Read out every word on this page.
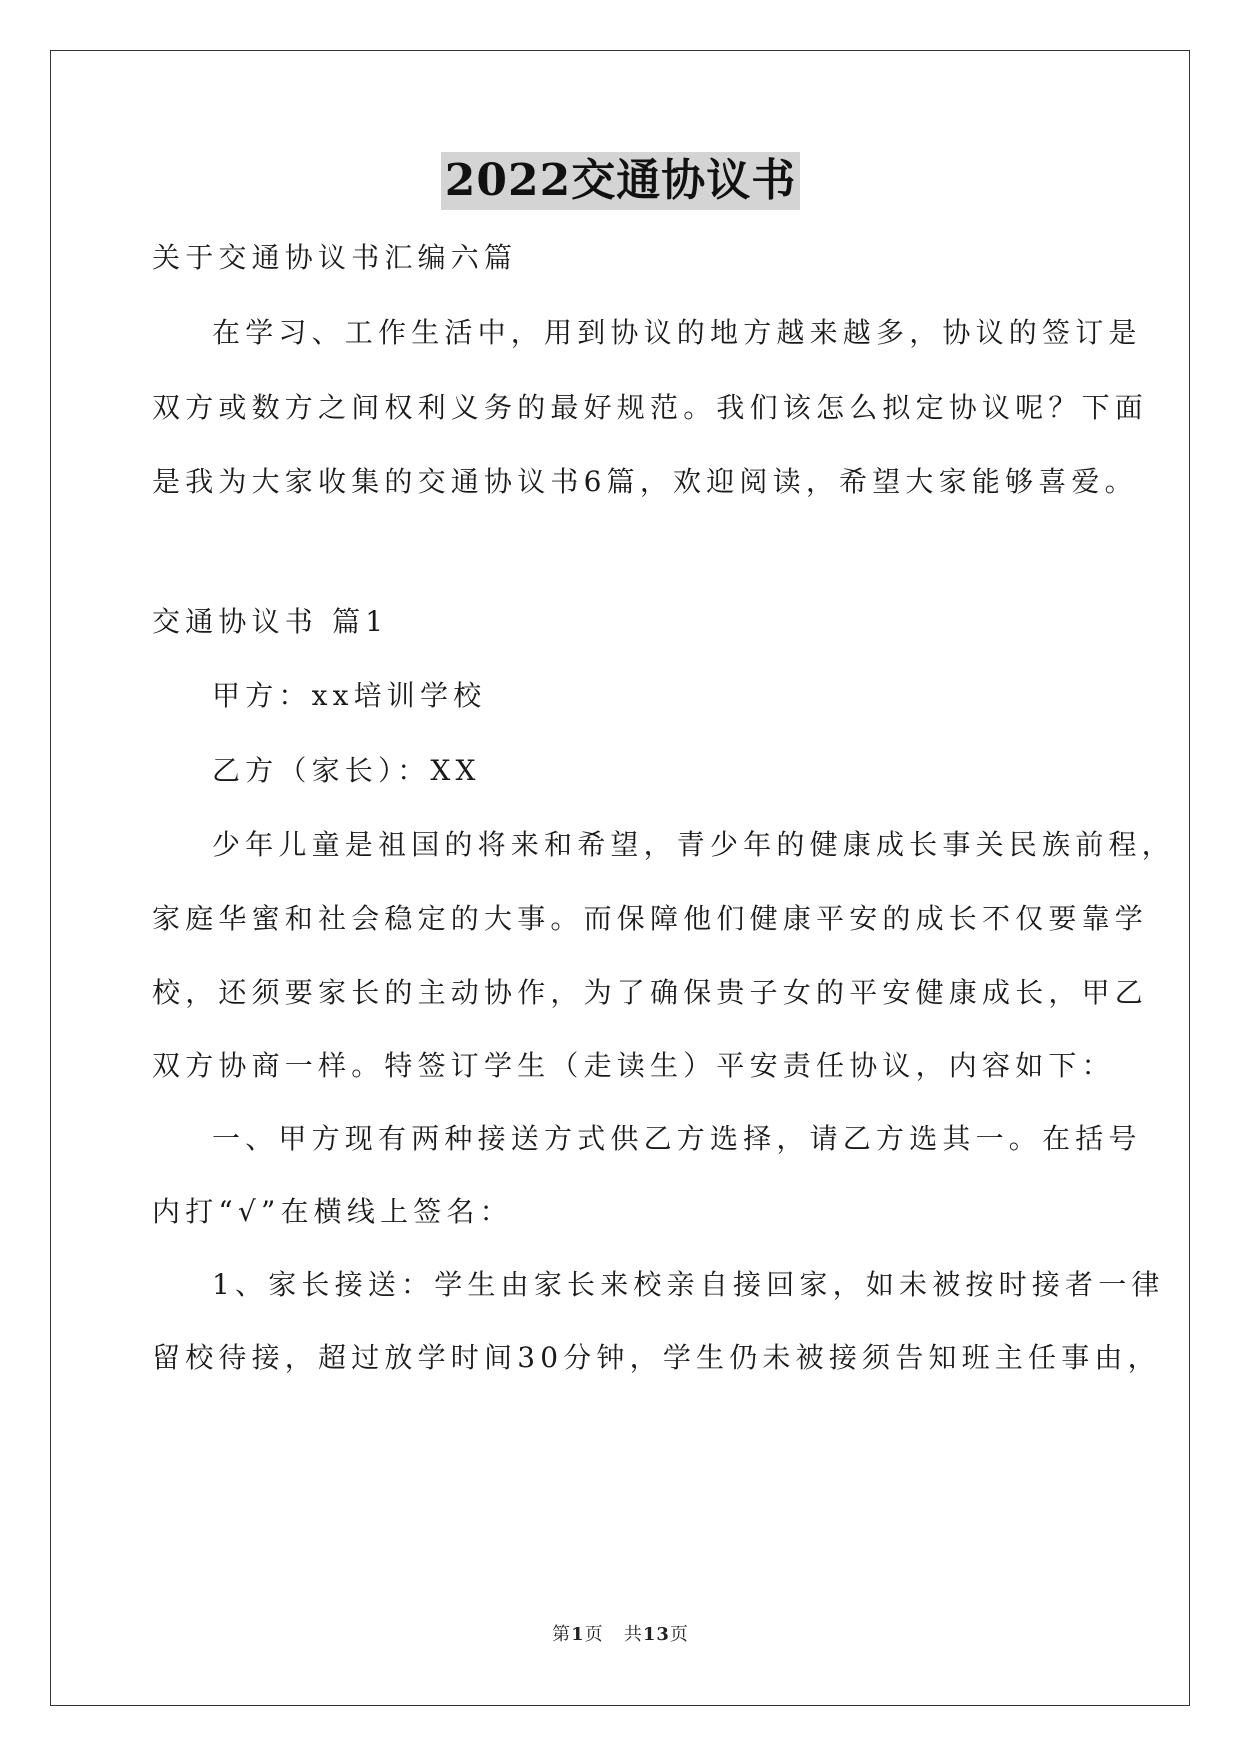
2022交通协议书

关于交通协议书汇编六篇

在学习、工作生活中，用到协议的地方越来越多，协议的签订是

双方或数方之间权利义务的最好规范。我们该怎么拟定协议呢？下面

是我为大家收集的交通协议书6篇，欢迎阅读，希望大家能够喜爱。

交通协议书 篇1

甲方：xx培训学校

乙方（家长）：XX

少年儿童是祖国的将来和希望，青少年的健康成长事关民族前程，

家庭华蜜和社会稳定的大事。而保障他们健康平安的成长不仅要靠学

校，还须要家长的主动协作，为了确保贵子女的平安健康成长，甲乙

双方协商一样。特签订学生（走读生）平安责任协议，内容如下：

一、甲方现有两种接送方式供乙方选择，请乙方选其一。在括号

内打“√”在横线上签名：

1、家长接送：学生由家长来校亲自接回家，如未被按时接者一律

留校待接，超过放学时间30分钟，学生仍未被接须告知班主任事由，

第1页 共13页
